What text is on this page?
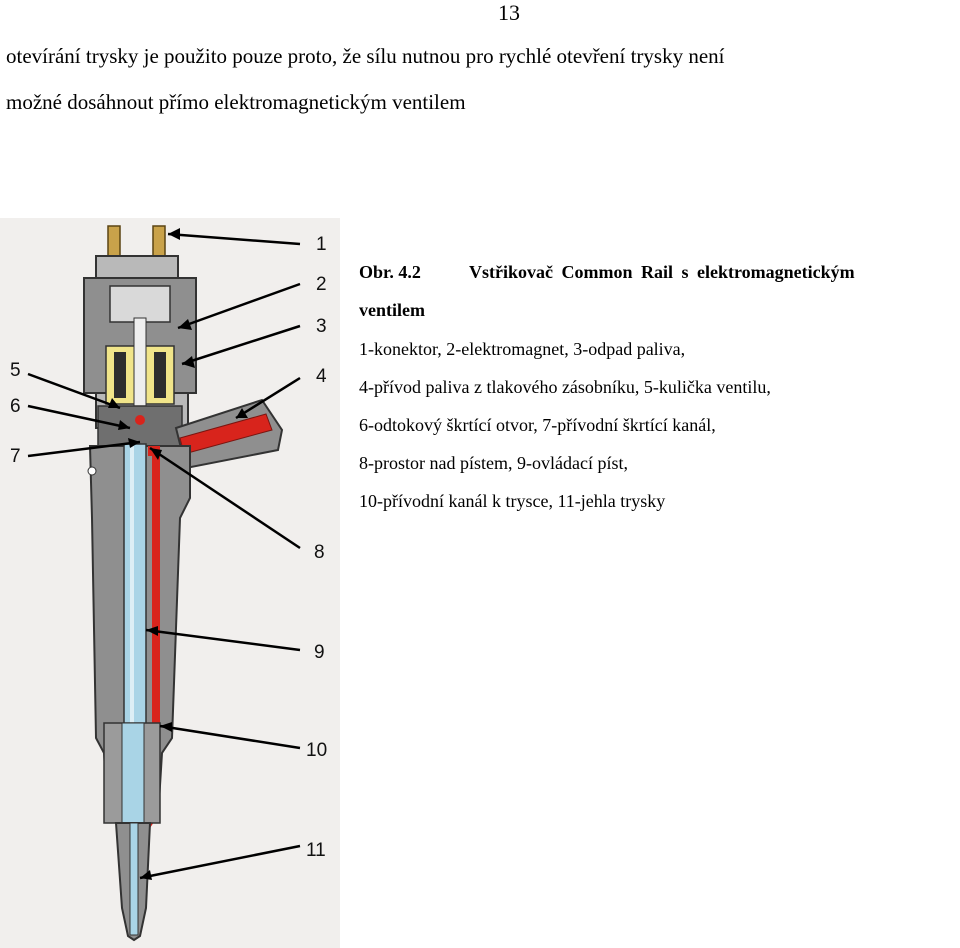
13
otevírání trysky je použito pouze proto, že sílu nutnou pro rychlé otevření trysky není
možné dosáhnout přímo elektromagnetickým ventilem
1
2
3
4
5
6
7
8
9
10
11
Obr. 4.2	Vstřikovač Common Rail s elektromagnetickým
ventilem
1-konektor, 2-elektromagnet, 3-odpad paliva,
4-přívod paliva z tlakového zásobníku, 5-kulička ventilu,
6-odtokový škrtící otvor, 7-přívodní škrtící kanál,
8-prostor nad pístem, 9-ovládací píst,
10-přívodní kanál k trysce, 11-jehla trysky
